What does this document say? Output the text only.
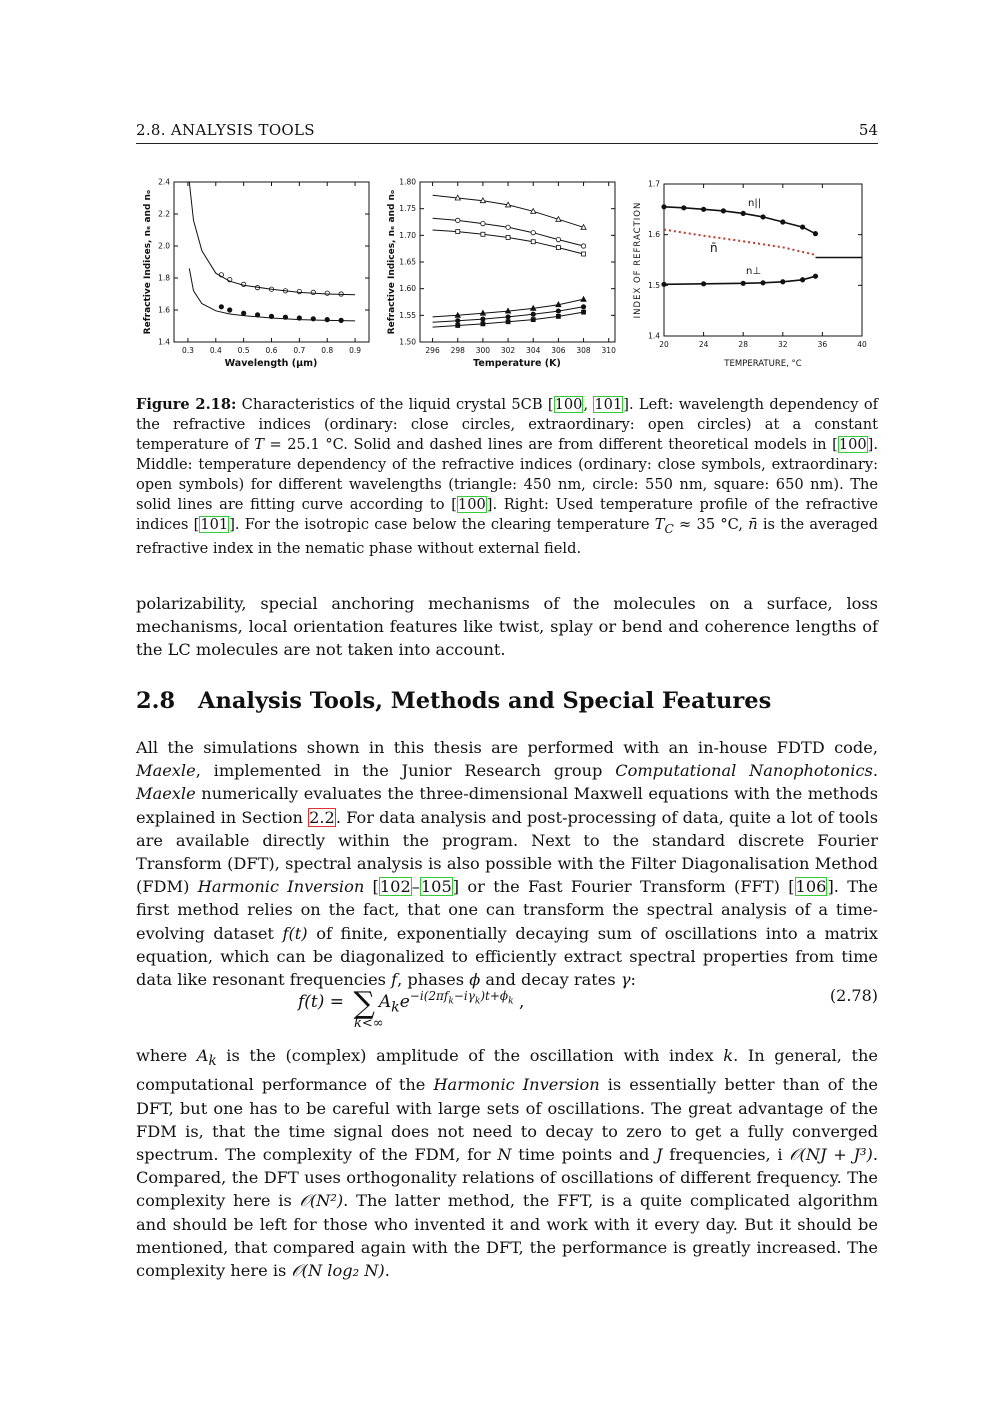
2.8. ANALYSIS TOOLS	54
0.3 0.4 0.5 0.6 0.7 0.8 0.9
1.4
1.6
1.8
2.0
2.2
2.4
Refractive Indices, nₑ and nₒ
Wavelength (µm)
296 298 300 302 304 306 308 310
1.50
1.55
1.60
1.65
1.70
1.75
1.80
Refractive Indices, nₑ and nₒ
Temperature (K)
20	24	28	32	36	40
1.4
1.5
1.6
1.7
n||
n̄
n⊥
INDEX OF REFRACTION
TEMPERATURE, °C
Figure 2.18: Characteristics of the liquid crystal 5CB [100, 101]. Left: wavelength dependency of the refractive indices (ordinary: close circles, extraordinary: open circles) at a constant temperature of T = 25.1 °C. Solid and dashed lines are from different theoretical models in [100]. Middle: temperature dependency of the refractive indices (ordinary: close symbols, extraordinary: open symbols) for different wavelengths (triangle: 450 nm, circle: 550 nm, square: 650 nm). The solid lines are fitting curve according to [100]. Right: Used temperature profile of the refractive indices [101]. For the isotropic case below the clearing temperature $T_C \approx 35$ °C, n̄ is the averaged refractive index in the nematic phase without external field.

polarizability, special anchoring mechanisms of the molecules on a surface, loss mechanisms, local orientation features like twist, splay or bend and coherence lengths of the LC molecules are not taken into account.

2.8 Analysis Tools, Methods and Special Features

All the simulations shown in this thesis are performed with an in-house FDTD code, Maexle, implemented in the Junior Research group Computational Nanophotonics. Maexle numerically evaluates the three-dimensional Maxwell equations with the methods explained in Section 2.2. For data analysis and post-processing of data, quite a lot of tools are available directly within the program. Next to the standard discrete Fourier Transform (DFT), spectral analysis is also possible with the Filter Diagonalisation Method (FDM) Harmonic Inversion [102–105] or the Fast Fourier Transform (FFT) [106]. The first method relies on the fact, that one can transform the spectral analysis of a time-evolving dataset f(t) of finite, exponentially decaying sum of oscillations into a matrix equation, which can be diagonalized to efficiently extract spectral properties from time data like resonant frequencies f, phases ϕ and decay rates γ:

f(t) = ∑ $A_ke^{-i(2\pi f_k-i\gamma_k)t+\phi_k}$ ,
k<∞
(2.78)

where $A_k$ is the (complex) amplitude of the oscillation with index k. In general, the computational performance of the Harmonic Inversion is essentially better than of the DFT, but one has to be careful with large sets of oscillations. The great advantage of the FDM is, that the time signal does not need to decay to zero to get a fully converged spectrum. The complexity of the FDM, for N time points and J frequencies, i 𝒪(NJ + J³). Compared, the DFT uses orthogonality relations of oscillations of different frequency. The complexity here is 𝒪(N²). The latter method, the FFT, is a quite complicated algorithm and should be left for those who invented it and work with it every day. But it should be mentioned, that compared again with the DFT, the performance is greatly increased. The complexity here is 𝒪(N log₂ N).
